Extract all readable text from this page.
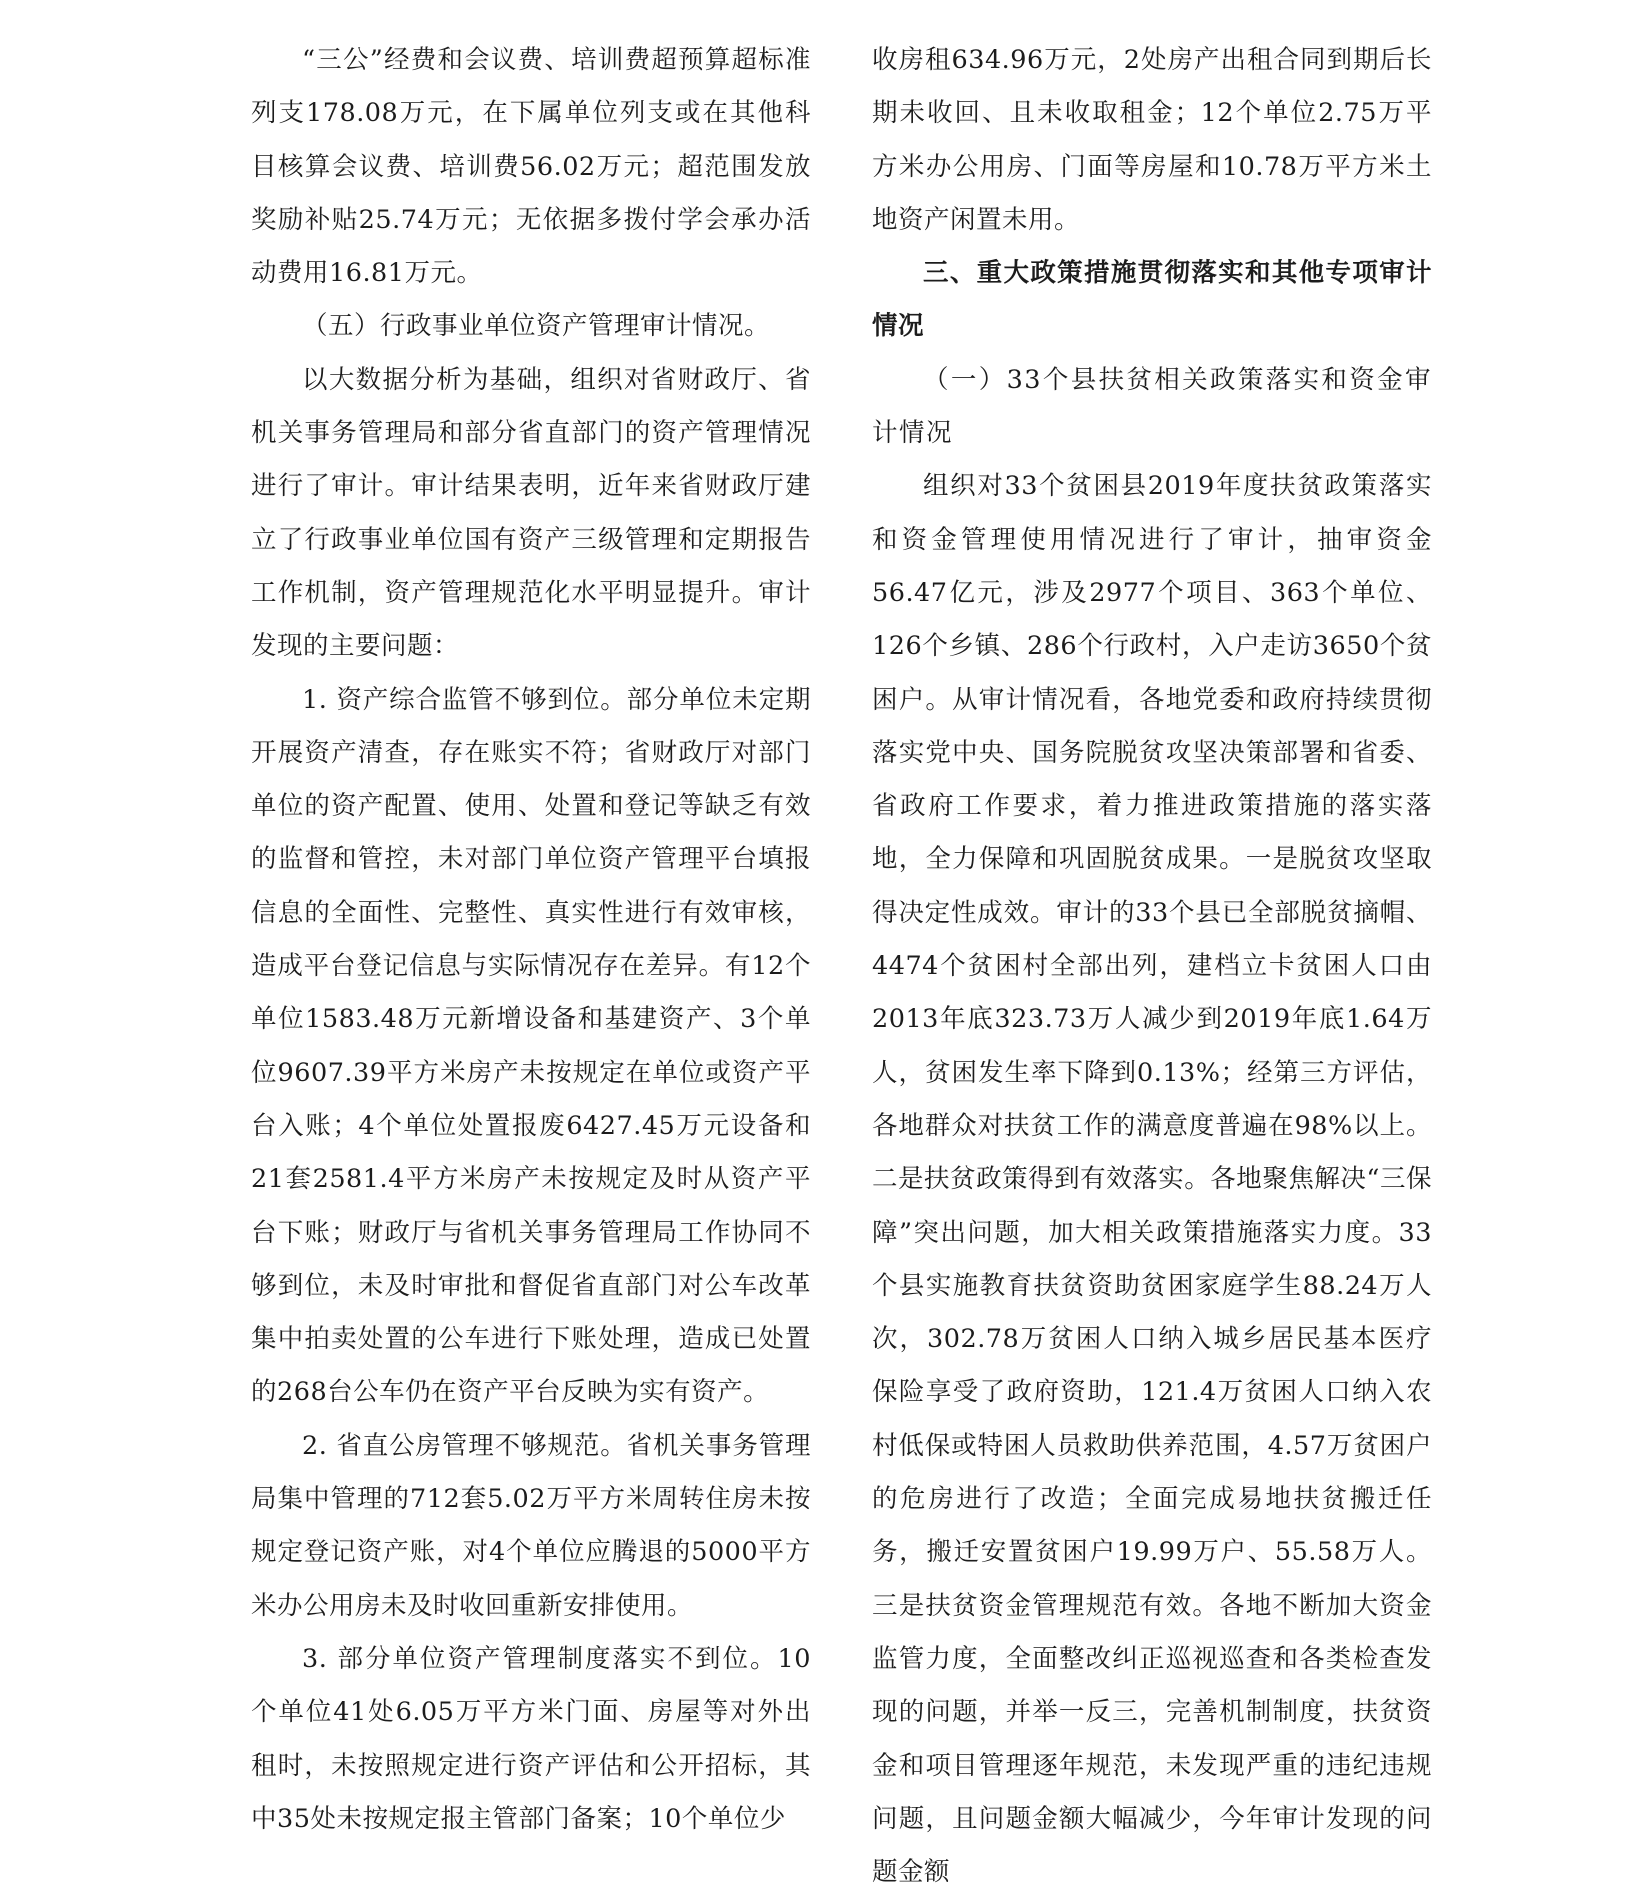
“三公”经费和会议费、培训费超预算超标准列支178.08万元，在下属单位列支或在其他科目核算会议费、培训费56.02万元；超范围发放奖励补贴25.74万元；无依据多拨付学会承办活动费用16.81万元。

（五）行政事业单位资产管理审计情况。

以大数据分析为基础，组织对省财政厅、省机关事务管理局和部分省直部门的资产管理情况进行了审计。审计结果表明，近年来省财政厅建立了行政事业单位国有资产三级管理和定期报告工作机制，资产管理规范化水平明显提升。审计发现的主要问题：

1. 资产综合监管不够到位。部分单位未定期开展资产清查，存在账实不符；省财政厅对部门单位的资产配置、使用、处置和登记等缺乏有效的监督和管控，未对部门单位资产管理平台填报信息的全面性、完整性、真实性进行有效审核，造成平台登记信息与实际情况存在差异。有12个单位1583.48万元新增设备和基建资产、3个单位9607.39平方米房产未按规定在单位或资产平台入账；4个单位处置报废6427.45万元设备和21套2581.4平方米房产未按规定及时从资产平台下账；财政厅与省机关事务管理局工作协同不够到位，未及时审批和督促省直部门对公车改革集中拍卖处置的公车进行下账处理，造成已处置的268台公车仍在资产平台反映为实有资产。

2. 省直公房管理不够规范。省机关事务管理局集中管理的712套5.02万平方米周转住房未按规定登记资产账，对4个单位应腾退的5000平方米办公用房未及时收回重新安排使用。

3. 部分单位资产管理制度落实不到位。10个单位41处6.05万平方米门面、房屋等对外出租时，未按照规定进行资产评估和公开招标，其中35处未按规定报主管部门备案；10个单位少

收房租634.96万元，2处房产出租合同到期后长期未收回、且未收取租金；12个单位2.75万平方米办公用房、门面等房屋和10.78万平方米土地资产闲置未用。

三、重大政策措施贯彻落实和其他专项审计情况

（一）33个县扶贫相关政策落实和资金审计情况

组织对33个贫困县2019年度扶贫政策落实和资金管理使用情况进行了审计，抽审资金56.47亿元，涉及2977个项目、363个单位、126个乡镇、286个行政村，入户走访3650个贫困户。从审计情况看，各地党委和政府持续贯彻落实党中央、国务院脱贫攻坚决策部署和省委、省政府工作要求，着力推进政策措施的落实落地，全力保障和巩固脱贫成果。一是脱贫攻坚取得决定性成效。审计的33个县已全部脱贫摘帽、4474个贫困村全部出列，建档立卡贫困人口由2013年底323.73万人减少到2019年底1.64万人，贫困发生率下降到0.13%；经第三方评估，各地群众对扶贫工作的满意度普遍在98%以上。二是扶贫政策得到有效落实。各地聚焦解决“三保障”突出问题，加大相关政策措施落实力度。33个县实施教育扶贫资助贫困家庭学生88.24万人次，302.78万贫困人口纳入城乡居民基本医疗保险享受了政府资助，121.4万贫困人口纳入农村低保或特困人员救助供养范围，4.57万贫困户的危房进行了改造；全面完成易地扶贫搬迁任务，搬迁安置贫困户19.99万户、55.58万人。三是扶贫资金管理规范有效。各地不断加大资金监管力度，全面整改纠正巡视巡查和各类检查发现的问题，并举一反三，完善机制制度，扶贫资金和项目管理逐年规范，未发现严重的违纪违规问题，且问题金额大幅减少，今年审计发现的问题金额
